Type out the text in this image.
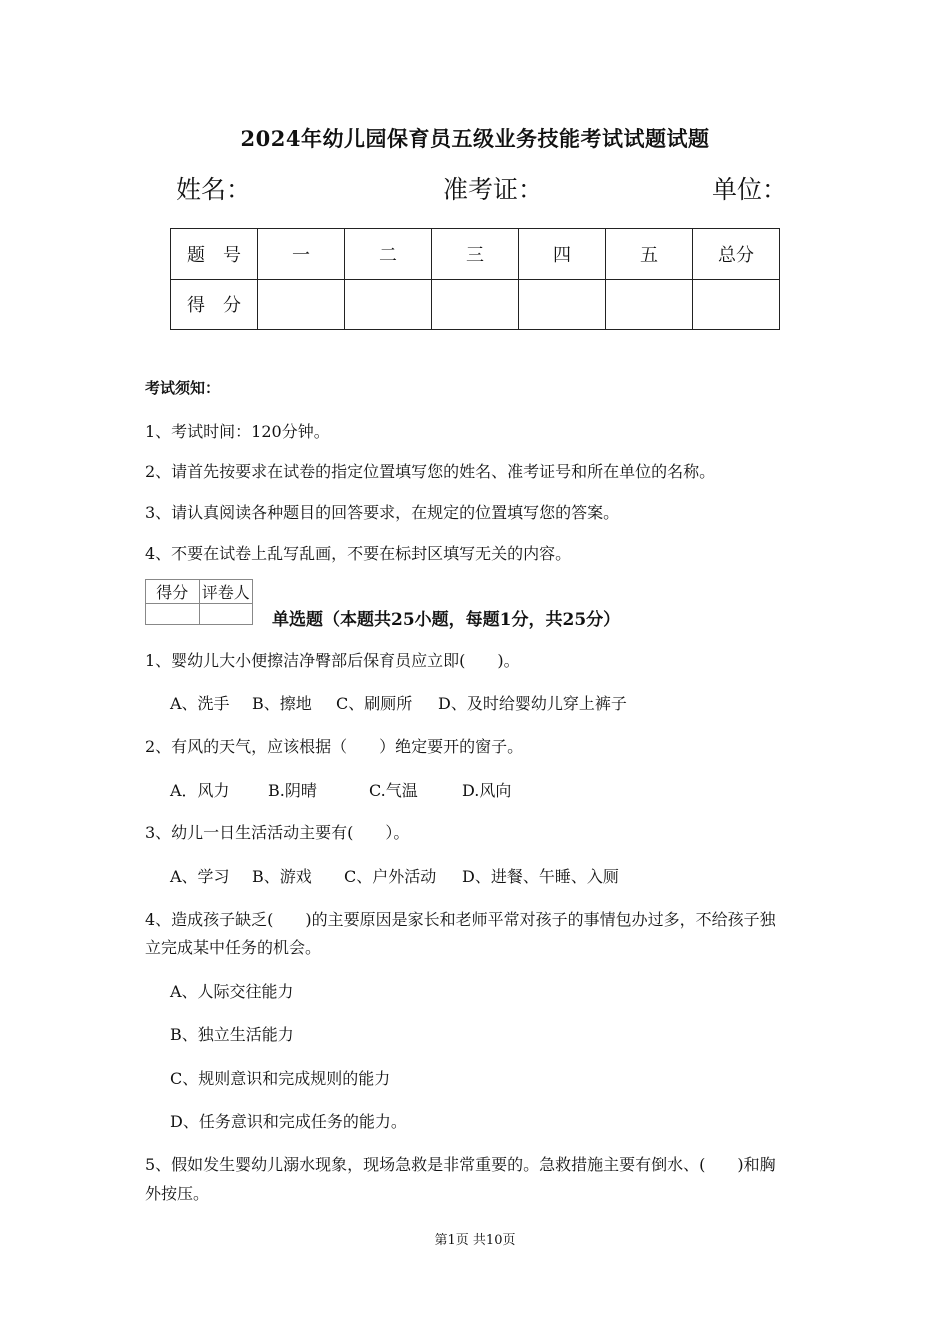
2024年幼儿园保育员五级业务技能考试试题试题
姓名：	准考证：	单位：
题　号	一	二	三	四	五	总分
得　分						
考试须知：
1、考试时间：120分钟。
2、请首先按要求在试卷的指定位置填写您的姓名、准考证号和所在单位的名称。
3、请认真阅读各种题目的回答要求，在规定的位置填写您的答案。
4、不要在试卷上乱写乱画，不要在标封区填写无关的内容。
得分	评卷人

单选题（本题共25小题，每题1分，共25分）
1、婴幼儿大小便擦洁净臀部后保育员应立即(　　)。
A、洗手	B、擦地	C、刷厕所	D、及时给婴幼儿穿上裤子
2、有风的天气，应该根据（　　）绝定要开的窗子。
A．风力	B.阴晴	C.气温	D.风向
3、幼儿一日生活活动主要有(　　）。
A、学习	B、游戏	C、户外活动	D、进餐、午睡、入厕
4、造成孩子缺乏(　　)的主要原因是家长和老师平常对孩子的事情包办过多，不给孩子独
立完成某中任务的机会。
A、人际交往能力
B、独立生活能力
C、规则意识和完成规则的能力
D、任务意识和完成任务的能力。
5、假如发生婴幼儿溺水现象，现场急救是非常重要的。急救措施主要有倒水、(　　)和胸
外按压。
第1页 共10页
